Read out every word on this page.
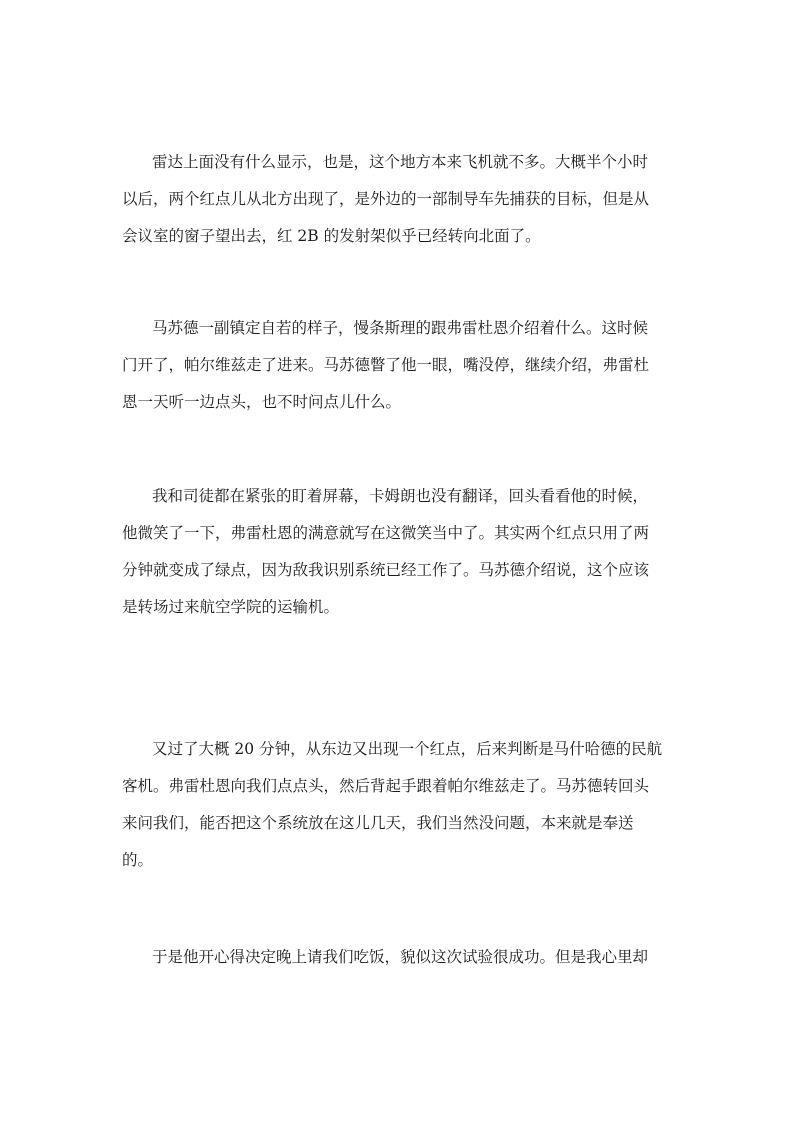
雷达上面没有什么显示，也是，这个地方本来飞机就不多。大概半个小时
以后，两个红点儿从北方出现了，是外边的一部制导车先捕获的目标，但是从
会议室的窗子望出去，红 2B 的发射架似乎已经转向北面了。
马苏德一副镇定自若的样子，慢条斯理的跟弗雷杜恩介绍着什么。这时候
门开了，帕尔维兹走了进来。马苏德瞥了他一眼，嘴没停，继续介绍，弗雷杜
恩一天听一边点头，也不时问点儿什么。
我和司徒都在紧张的盯着屏幕，卡姆朗也没有翻译，回头看看他的时候，
他微笑了一下，弗雷杜恩的满意就写在这微笑当中了。其实两个红点只用了两
分钟就变成了绿点，因为敌我识别系统已经工作了。马苏德介绍说，这个应该
是转场过来航空学院的运输机。
又过了大概 20 分钟，从东边又出现一个红点，后来判断是马什哈德的民航
客机。弗雷杜恩向我们点点头，然后背起手跟着帕尔维兹走了。马苏德转回头
来问我们，能否把这个系统放在这儿几天，我们当然没问题，本来就是奉送
的。
于是他开心得决定晚上请我们吃饭，貌似这次试验很成功。但是我心里却
